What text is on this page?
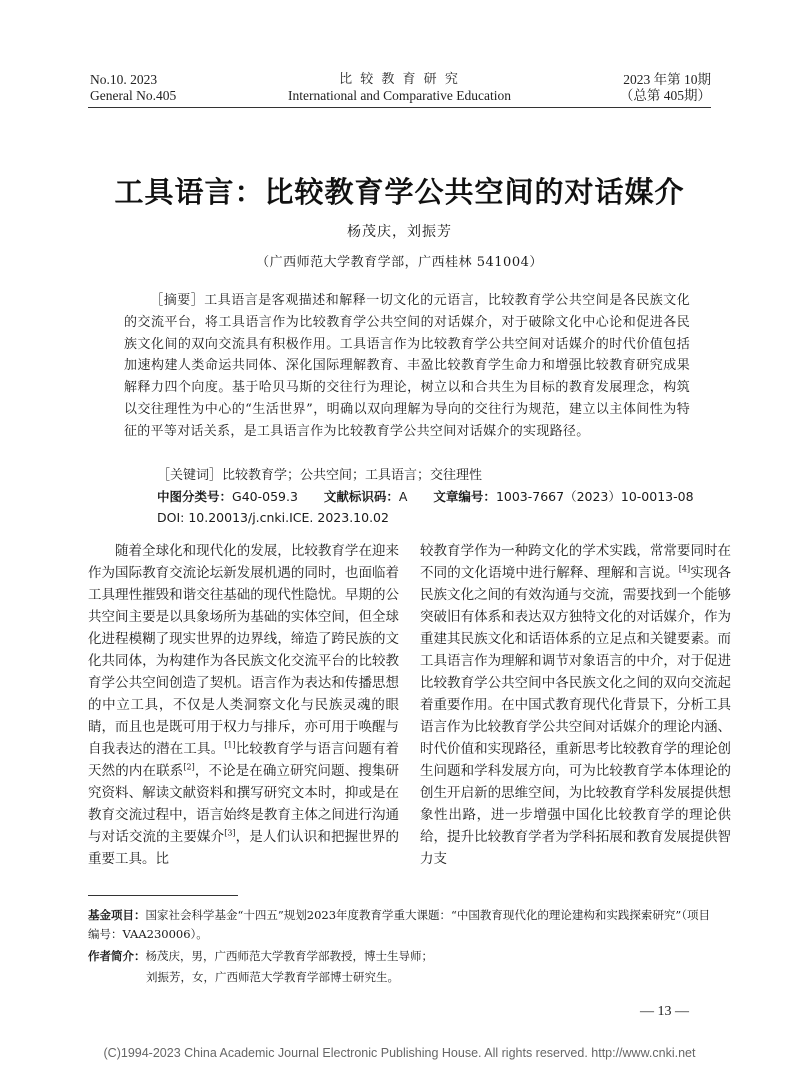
No.10. 2023
General No.405
比 较 教 育 研 究
International and Comparative Education
2023 年第 10期
（总第 405期）
工具语言：比较教育学公共空间的对话媒介
杨茂庆，刘振芳
（广西师范大学教育学部，广西桂林 541004）
［摘要］工具语言是客观描述和解释一切文化的元语言，比较教育学公共空间是各民族文化的交流平台，将工具语言作为比较教育学公共空间的对话媒介，对于破除文化中心论和促进各民族文化间的双向交流具有积极作用。工具语言作为比较教育学公共空间对话媒介的时代价值包括加速构建人类命运共同体、深化国际理解教育、丰盈比较教育学生命力和增强比较教育研究成果解释力四个向度。基于哈贝马斯的交往行为理论，树立以和合共生为目标的教育发展理念，构筑以交往理性为中心的“生活世界”，明确以双向理解为导向的交往行为规范，建立以主体间性为特征的平等对话关系，是工具语言作为比较教育学公共空间对话媒介的实现路径。
［关键词］比较教育学；公共空间；工具语言；交往理性
中图分类号：G40-059.3 文献标识码：A 文章编号：1003-7667（2023）10-0013-08
DOI: 10.20013/j.cnki.ICE. 2023.10.02

随着全球化和现代化的发展，比较教育学在迎来作为国际教育交流论坛新发展机遇的同时，也面临着工具理性摧毁和谐交往基础的现代性隐忧。早期的公共空间主要是以具象场所为基础的实体空间，但全球化进程模糊了现实世界的边界线，缔造了跨民族的文化共同体，为构建作为各民族文化交流平台的比较教育学公共空间创造了契机。语言作为表达和传播思想的中立工具，不仅是人类洞察文化与民族灵魂的眼睛，而且也是既可用于权力与排斥，亦可用于唤醒与自我表达的潜在工具。[1]比较教育学与语言问题有着天然的内在联系[2]，不论是在确立研究问题、搜集研究资料、解读文献资料和撰写研究文本时，抑或是在教育交流过程中，语言始终是教育主体之间进行沟通与对话交流的主要媒介[3]，是人们认识和把握世界的重要工具。比

较教育学作为一种跨文化的学术实践，常常要同时在不同的文化语境中进行解释、理解和言说。[4]实现各民族文化之间的有效沟通与交流，需要找到一个能够突破旧有体系和表达双方独特文化的对话媒介，作为重建其民族文化和话语体系的立足点和关键要素。而工具语言作为理解和调节对象语言的中介，对于促进比较教育学公共空间中各民族文化之间的双向交流起着重要作用。在中国式教育现代化背景下，分析工具语言作为比较教育学公共空间对话媒介的理论内涵、时代价值和实现路径，重新思考比较教育学的理论创生问题和学科发展方向，可为比较教育学本体理论的创生开启新的思维空间，为比较教育学科发展提供想象性出路，进一步增强中国化比较教育学的理论供给，提升比较教育学者为学科拓展和教育发展提供智力支

基金项目：国家社会科学基金“十四五”规划2023年度教育学重大课题：“中国教育现代化的理论建构和实践探索研究”（项目编号：VAA230006）。
作者简介：杨茂庆，男，广西师范大学教育学部教授，博士生导师；
刘振芳，女，广西师范大学教育学部博士研究生。
— 13 —
(C)1994-2023 China Academic Journal Electronic Publishing House. All rights reserved. http://www.cnki.net
